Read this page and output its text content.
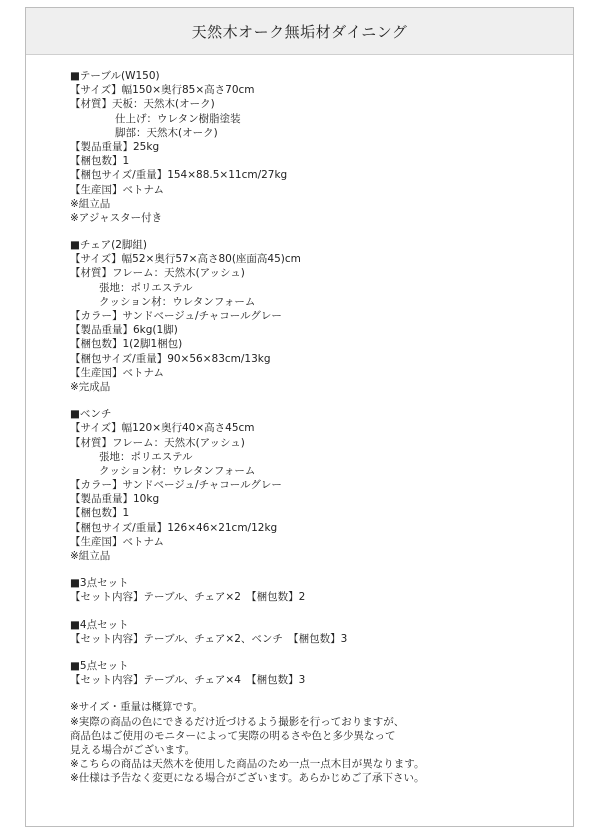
天然木オーク無垢材ダイニング
■テーブル(W150)
【サイズ】幅150×奥行85×高さ70cm
【材質】天板：天然木(オーク)
仕上げ：ウレタン樹脂塗装
脚部：天然木(オーク)
【製品重量】25kg
【梱包数】1
【梱包サイズ/重量】154×88.5×11cm/27kg
【生産国】ベトナム
※組立品
※アジャスター付き
■チェア(2脚組)
【サイズ】幅52×奥行57×高さ80(座面高45)cm
【材質】フレーム：天然木(アッシュ)
張地：ポリエステル
クッション材：ウレタンフォーム
【カラー】サンドベージュ/チャコールグレー
【製品重量】6kg(1脚)
【梱包数】1(2脚1梱包)
【梱包サイズ/重量】90×56×83cm/13kg
【生産国】ベトナム
※完成品
■ベンチ
【サイズ】幅120×奥行40×高さ45cm
【材質】フレーム：天然木(アッシュ)
張地：ポリエステル
クッション材：ウレタンフォーム
【カラー】サンドベージュ/チャコールグレー
【製品重量】10kg
【梱包数】1
【梱包サイズ/重量】126×46×21cm/12kg
【生産国】ベトナム
※組立品
■3点セット
【セット内容】テーブル、チェア×2　【梱包数】2
■4点セット
【セット内容】テーブル、チェア×2、ベンチ　【梱包数】3
■5点セット
【セット内容】テーブル、チェア×4　【梱包数】3
※サイズ・重量は概算です。
※実際の商品の色にできるだけ近づけるよう撮影を行っておりますが、
商品色はご使用のモニターによって実際の明るさや色と多少異なって
見える場合がございます。
※こちらの商品は天然木を使用した商品のため一点一点木目が異なります。
※仕様は予告なく変更になる場合がございます。あらかじめご了承下さい。
